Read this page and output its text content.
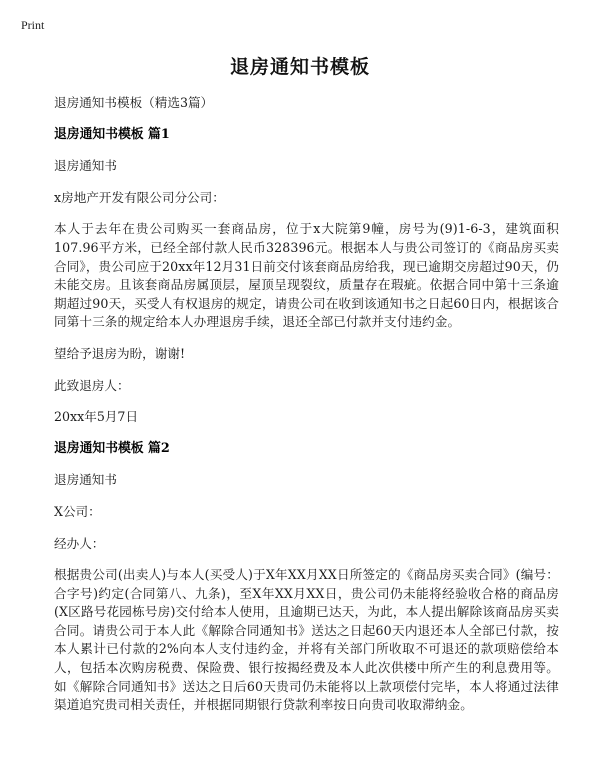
Print
退房通知书模板

退房通知书模板（精选3篇）

退房通知书模板 篇1

退房通知书

x房地产开发有限公司分公司：

本人于去年在贵公司购买一套商品房，位于x大院第9幢，房号为(9)1-6-3，建筑面积107.96平方米，已经全部付款人民币328396元。根据本人与贵公司签订的《商品房买卖合同》，贵公司应于20xx年12月31日前交付该套商品房给我，现已逾期交房超过90天，仍未能交房。且该套商品房属顶层，屋顶呈现裂纹，质量存在瑕疵。依据合同中第十三条逾期超过90天，买受人有权退房的规定，请贵公司在收到该通知书之日起60日内，根据该合同第十三条的规定给本人办理退房手续，退还全部已付款并支付违约金。

望给予退房为盼，谢谢!

此致退房人：

20xx年5月7日

退房通知书模板 篇2

退房通知书

X公司：

经办人：

根据贵公司(出卖人)与本人(买受人)于X年XX月XX日所签定的《商品房买卖合同》(编号：合字号)约定(合同第八、九条)，至X年XX月XX日，贵公司仍未能将经验收合格的商品房(X区路号花园栋号房)交付给本人使用，且逾期已达天，为此，本人提出解除该商品房买卖合同。请贵公司于本人此《解除合同通知书》送达之日起60天内退还本人全部已付款，按本人累计已付款的2%向本人支付违约金，并将有关部门所收取不可退还的款项赔偿给本人，包括本次购房税费、保险费、银行按揭经费及本人此次供楼中所产生的利息费用等。如《解除合同通知书》送达之日后60天贵司仍未能将以上款项偿付完毕，本人将通过法律渠道追究贵司相关责任，并根据同期银行贷款利率按日向贵司收取滞纳金。
